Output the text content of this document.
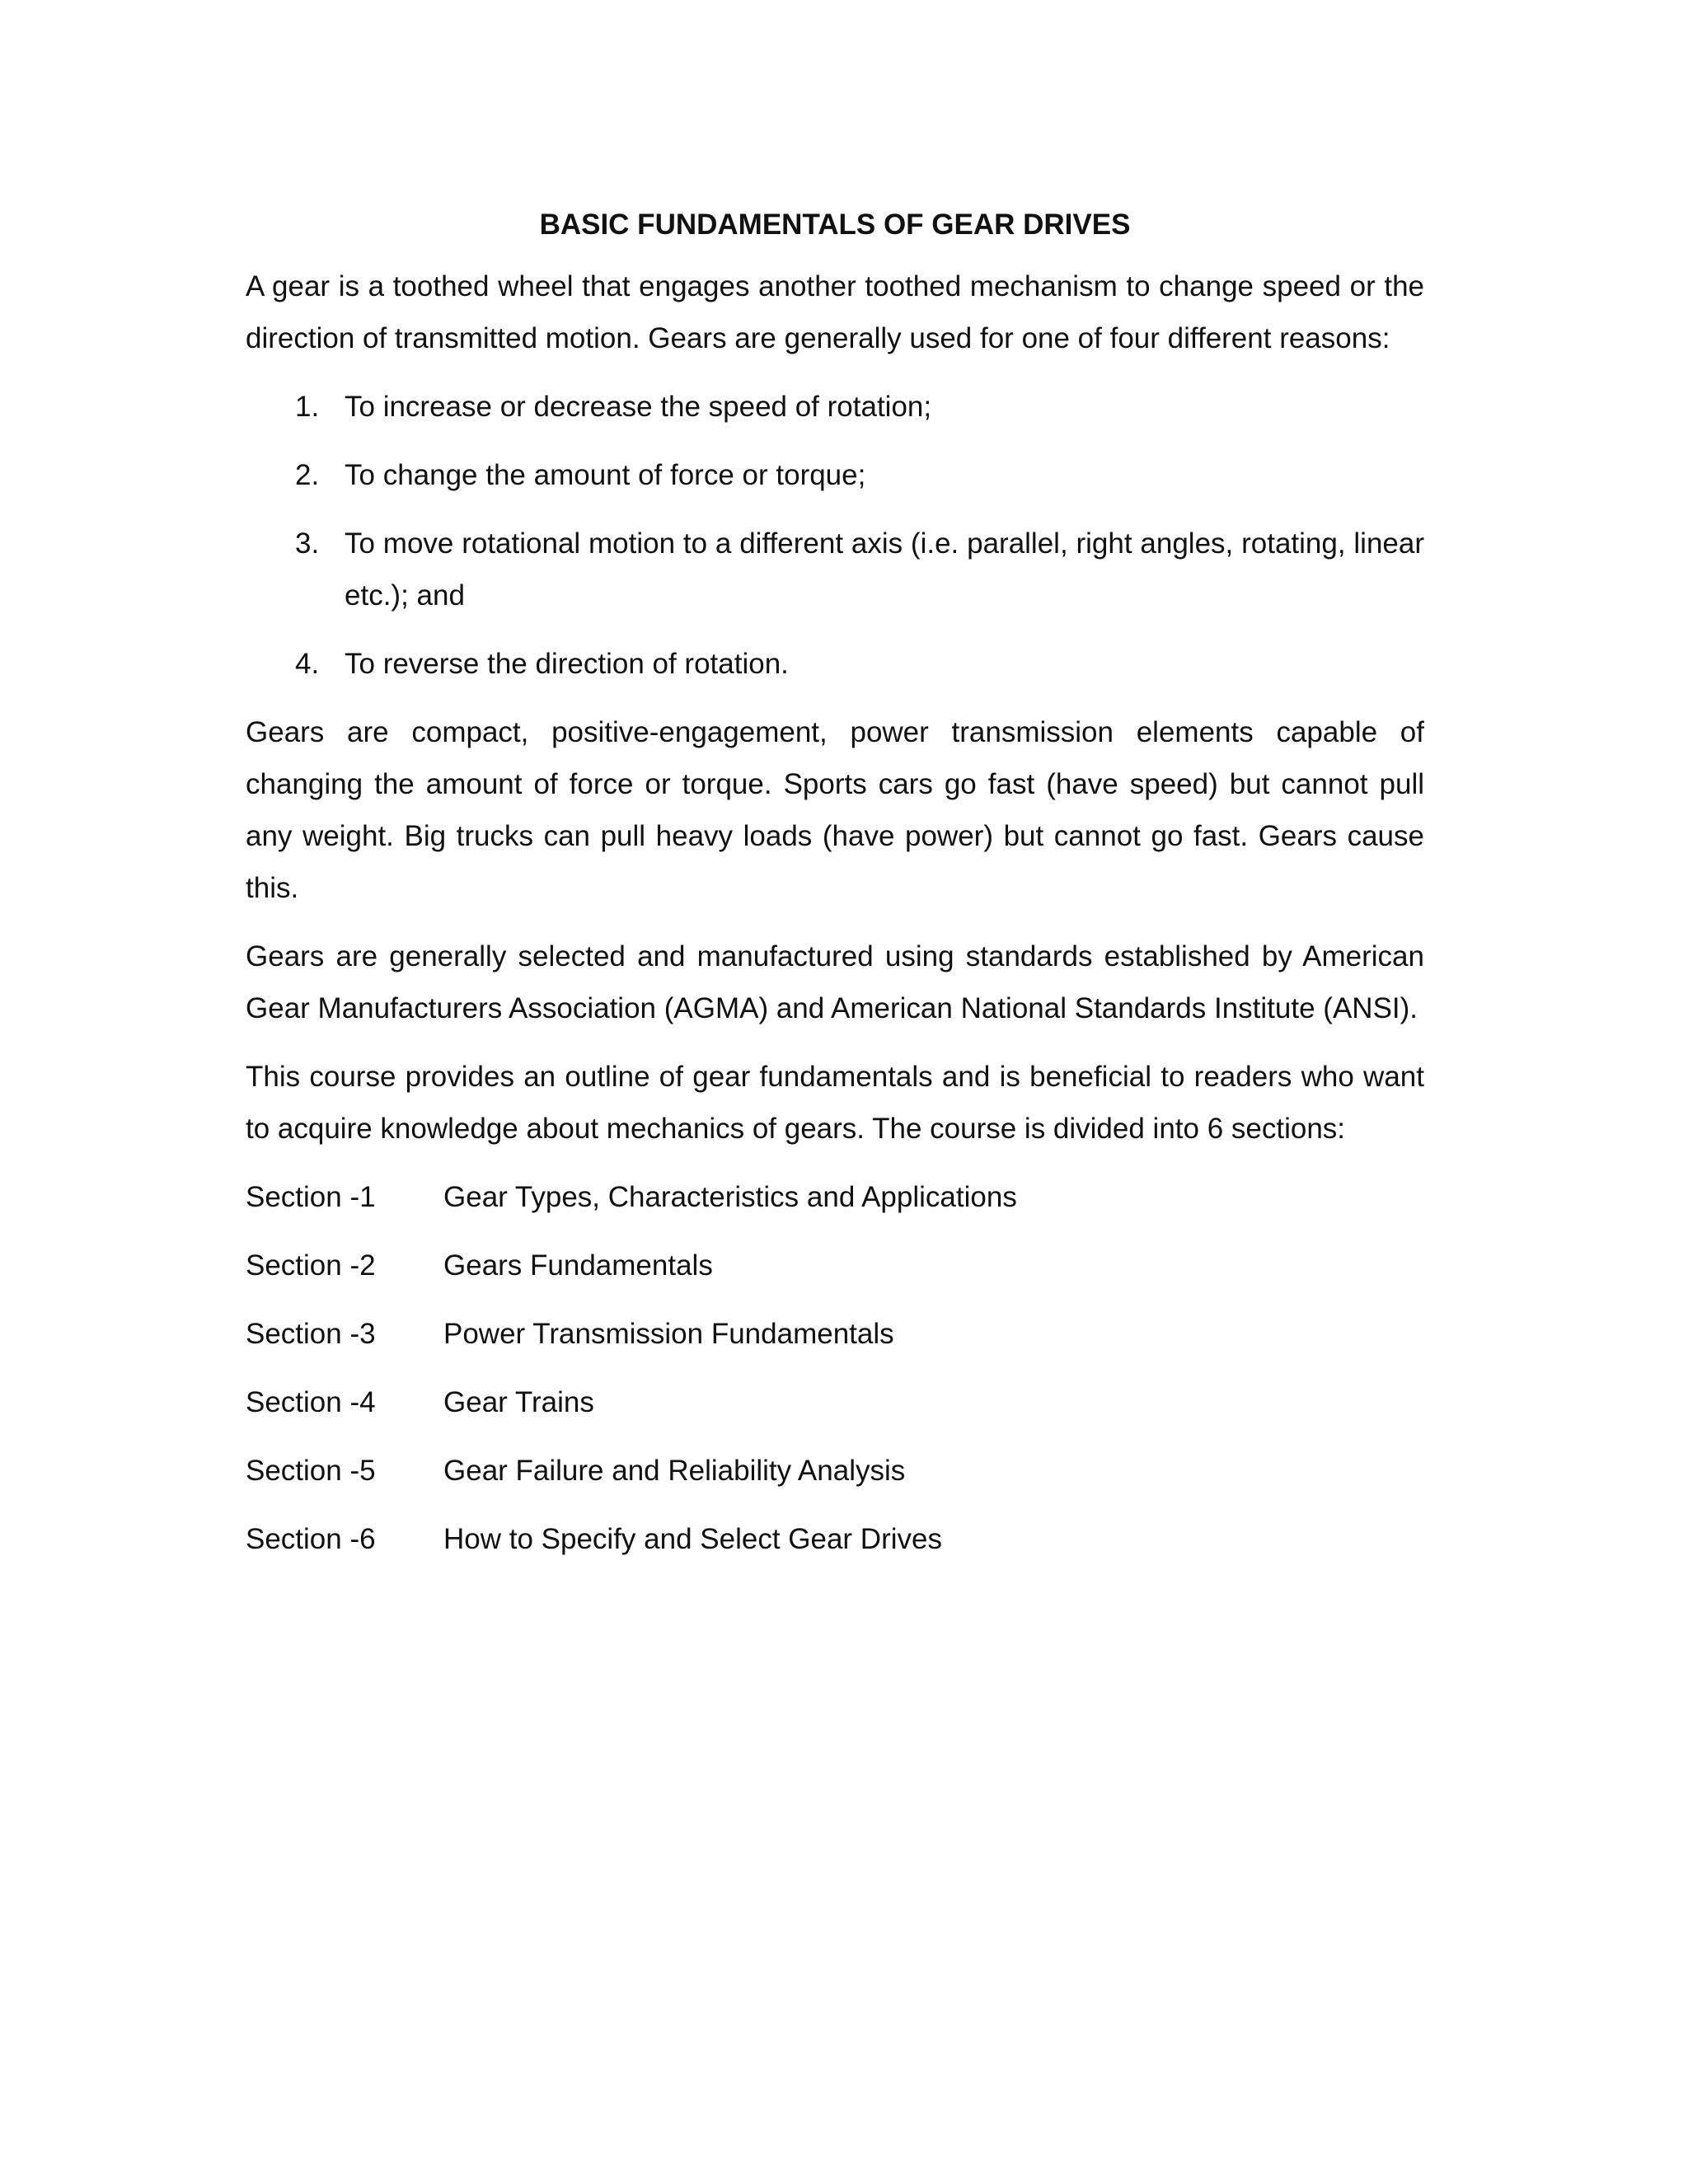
BASIC FUNDAMENTALS OF GEAR DRIVES

A gear is a toothed wheel that engages another toothed mechanism to change speed or the direction of transmitted motion. Gears are generally used for one of four different reasons:

1. To increase or decrease the speed of rotation;
2. To change the amount of force or torque;
3. To move rotational motion to a different axis (i.e. parallel, right angles, rotating, linear etc.); and
4. To reverse the direction of rotation.

Gears are compact, positive-engagement, power transmission elements capable of changing the amount of force or torque. Sports cars go fast (have speed) but cannot pull any weight. Big trucks can pull heavy loads (have power) but cannot go fast. Gears cause this.

Gears are generally selected and manufactured using standards established by American Gear Manufacturers Association (AGMA) and American National Standards Institute (ANSI).

This course provides an outline of gear fundamentals and is beneficial to readers who want to acquire knowledge about mechanics of gears. The course is divided into 6 sections:

Section -1	Gear Types, Characteristics and Applications
Section -2	Gears Fundamentals
Section -3	Power Transmission Fundamentals
Section -4	Gear Trains
Section -5	Gear Failure and Reliability Analysis
Section -6	How to Specify and Select Gear Drives
